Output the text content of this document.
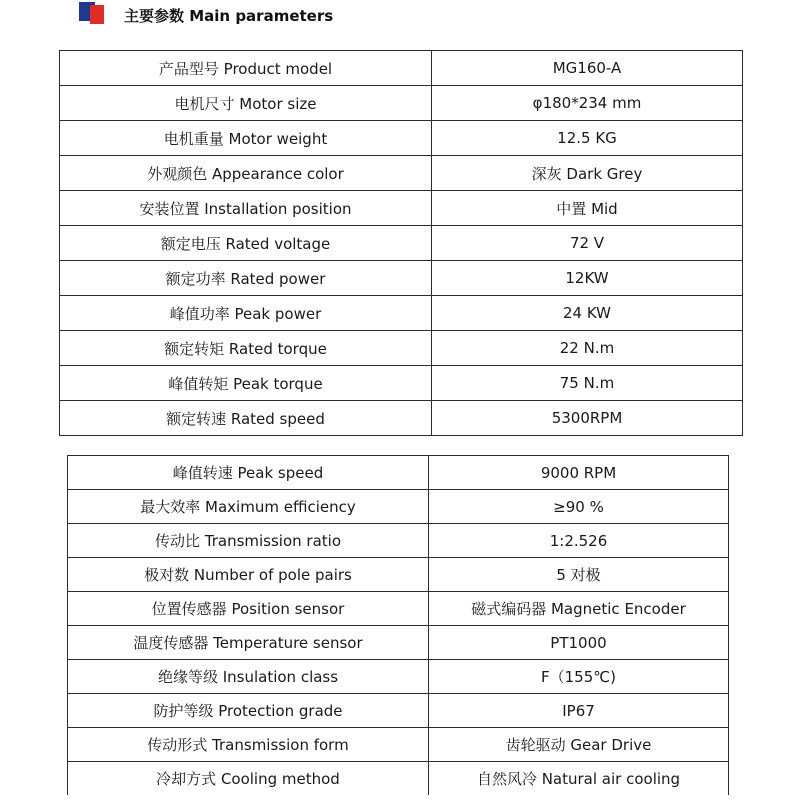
主要参数 Main parameters
产品型号 Product model	MG160-A
电机尺寸 Motor size	φ180*234 mm
电机重量 Motor weight	12.5 KG
外观颜色 Appearance color	深灰 Dark Grey
安装位置 Installation position	中置 Mid
额定电压 Rated voltage	72 V
额定功率 Rated power	12KW
峰值功率 Peak power	24 KW
额定转矩 Rated torque	22 N.m
峰值转矩 Peak torque	75 N.m
额定转速 Rated speed	5300RPM
峰值转速 Peak speed	9000 RPM
最大效率 Maximum efficiency	≥90 %
传动比 Transmission ratio	1:2.526
极对数 Number of pole pairs	5 对极
位置传感器 Position sensor	磁式编码器 Magnetic Encoder
温度传感器 Temperature sensor	PT1000
绝缘等级 Insulation class	F（155℃)
防护等级 Protection grade	IP67
传动形式 Transmission form	齿轮驱动 Gear Drive
冷却方式 Cooling method	自然风冷 Natural air cooling
